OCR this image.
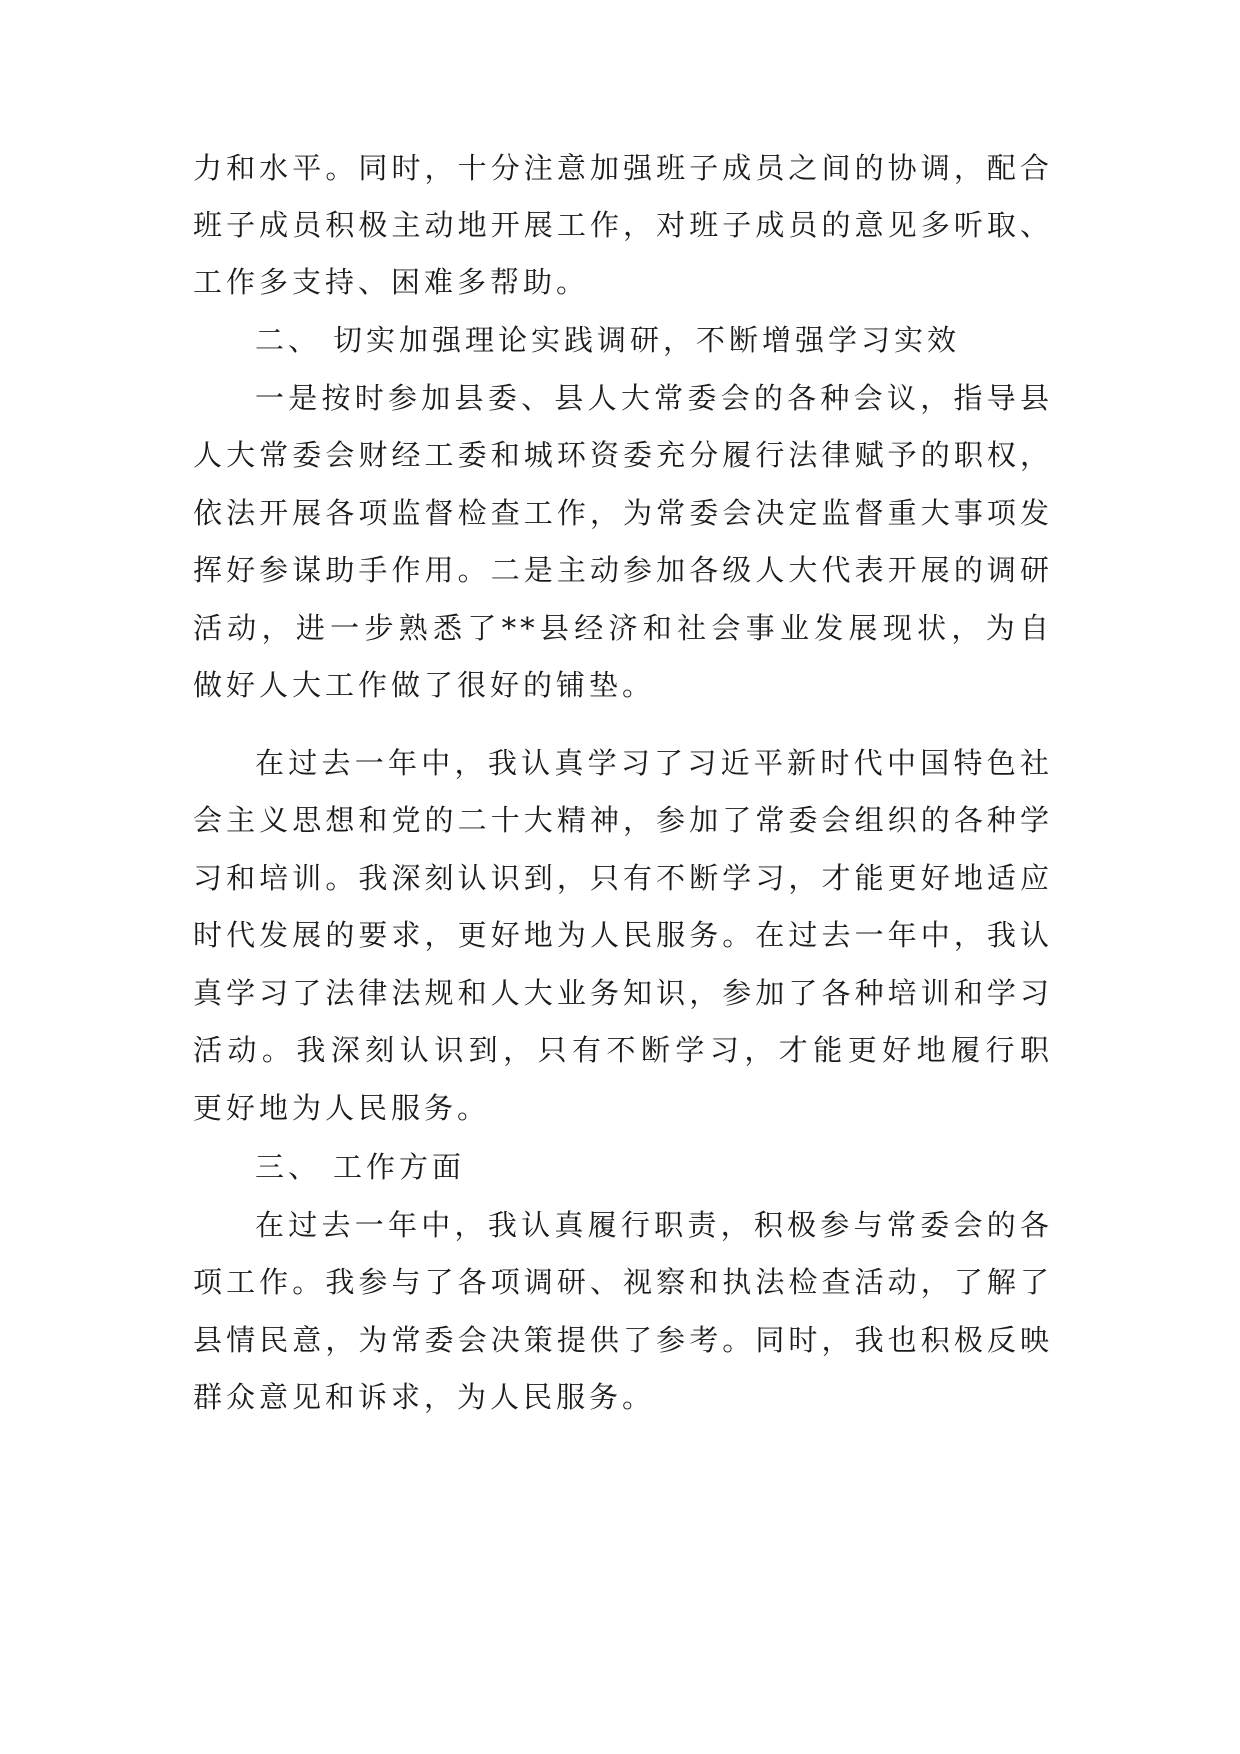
力和水平。同时，十分注意加强班子成员之间的协调，配合
班子成员积极主动地开展工作，对班子成员的意见多听取、
工作多支持、困难多帮助。
二、 切实加强理论实践调研，不断增强学习实效
一是按时参加县委、县人大常委会的各种会议，指导县
人大常委会财经工委和城环资委充分履行法律赋予的职权，
依法开展各项监督检查工作，为常委会决定监督重大事项发
挥好参谋助手作用。二是主动参加各级人大代表开展的调研
活动，进一步熟悉了**县经济和社会事业发展现状，为自
做好人大工作做了很好的铺垫。
在过去一年中，我认真学习了习近平新时代中国特色社
会主义思想和党的二十大精神，参加了常委会组织的各种学
习和培训。我深刻认识到，只有不断学习，才能更好地适应
时代发展的要求，更好地为人民服务。在过去一年中，我认
真学习了法律法规和人大业务知识，参加了各种培训和学习
活动。我深刻认识到，只有不断学习，才能更好地履行职
更好地为人民服务。
三、 工作方面
在过去一年中，我认真履行职责，积极参与常委会的各
项工作。我参与了各项调研、视察和执法检查活动，了解了
县情民意，为常委会决策提供了参考。同时，我也积极反映
群众意见和诉求，为人民服务。
